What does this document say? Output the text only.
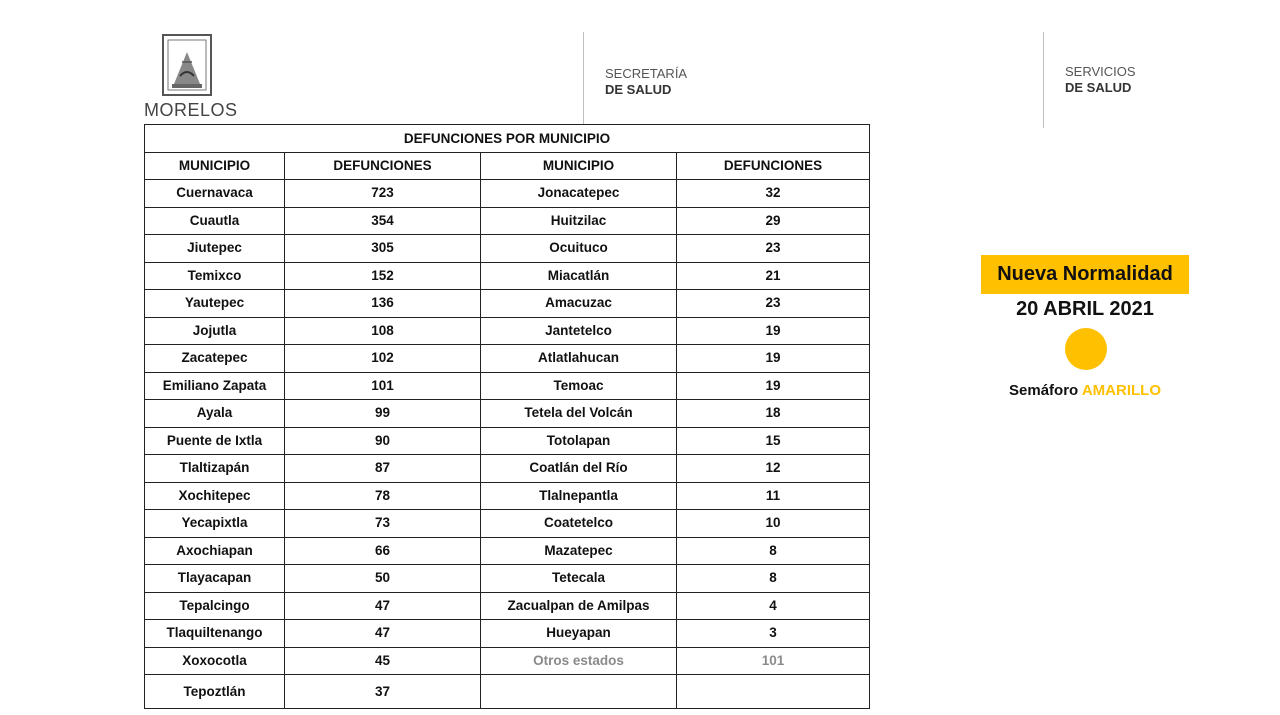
MORELOS
SECRETARÍA
DE SALUD
SERVICIOS
DE SALUD
DEFUNCIONES POR MUNICIPIO			
MUNICIPIO	DEFUNCIONES	MUNICIPIO	DEFUNCIONES
Cuernavaca	723	Jonacatepec	32
Cuautla	354	Huitzilac	29
Jiutepec	305	Ocuituco	23
Temixco	152	Miacatlán	21
Yautepec	136	Amacuzac	23
Jojutla	108	Jantetelco	19
Zacatepec	102	Atlatlahucan	19
Emiliano Zapata	101	Temoac	19
Ayala	99	Tetela del Volcán	18
Puente de Ixtla	90	Totolapan	15
Tlaltizapán	87	Coatlán del Río	12
Xochitepec	78	Tlalnepantla	11
Yecapixtla	73	Coatetelco	10
Axochiapan	66	Mazatepec	8
Tlayacapan	50	Tetecala	8
Tepalcingo	47	Zacualpan de Amilpas	4
Tlaquiltenango	47	Hueyapan	3
Xoxocotla	45	Otros estados	101
Tepoztlán	37		
Nueva Normalidad
20 ABRIL 2021
Semáforo AMARILLO
